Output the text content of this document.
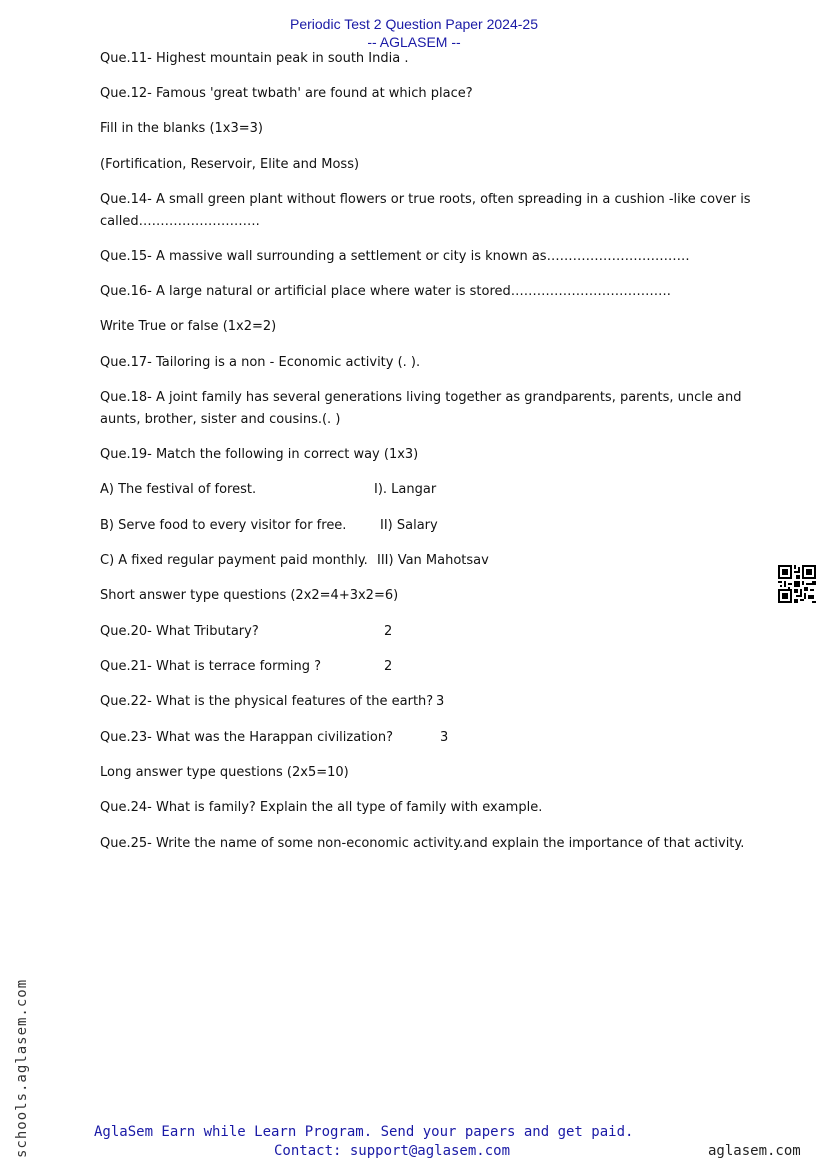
Periodic Test 2 Question Paper 2024-25
-- AGLASEM --
Que.11- Highest mountain peak in south India .
Que.12- Famous 'great twbath' are found at which place?
Fill in the blanks (1x3=3)
(Fortification, Reservoir, Elite and Moss)
Que.14- A small green plant without flowers or true roots, often spreading in a cushion -like cover is called……………………….
Que.15- A massive wall surrounding a settlement or city is known as……………………………
Que.16- A large natural or artificial place where water is stored……………………………….
Write True or false (1x2=2)
Que.17- Tailoring is a non - Economic activity (. ).
Que.18- A joint family has several generations living together as grandparents, parents, uncle and aunts, brother, sister and cousins.(. )
Que.19- Match the following in correct way (1x3)
A) The festival of forest.	I). Langar
B) Serve food to every visitor for free.	II) Salary
C) A fixed regular payment paid monthly. III) Van Mahotsav
Short answer type questions (2x2=4+3x2=6)
Que.20- What Tributary?	2
Que.21- What is terrace forming ?	2
Que.22- What is the physical features of the earth? 3
Que.23- What was the Harappan civilization?	3
Long answer type questions (2x5=10)
Que.24- What is family? Explain the all type of family with example.
Que.25- Write the name of some non-economic activity.and explain the importance of that activity.
schools.aglasem.com	AglaSem Earn while Learn Program. Send your papers and get paid.
Contact: support@aglasem.com	aglasem.com
